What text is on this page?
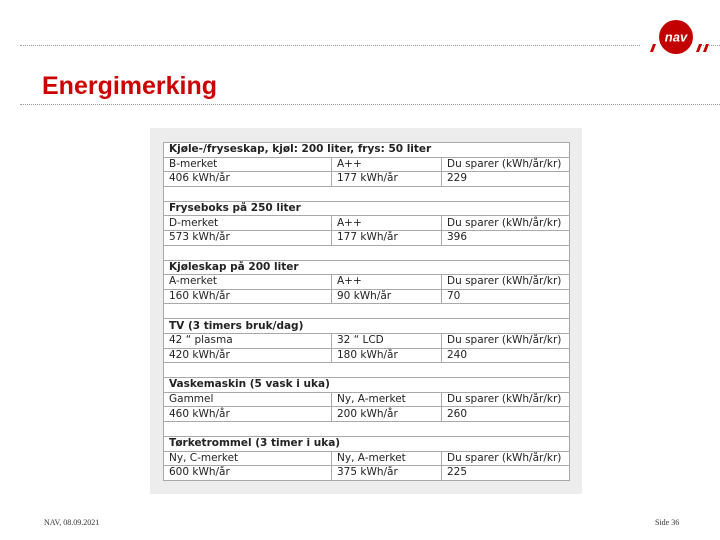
nav
Energimerking
Kjøle-/fryseskap, kjøl: 200 liter, frys: 50 liter		
B-merket	A++	Du sparer (kWh/år/kr)
406 kWh/år	177 kWh/år	229

Fryseboks på 250 liter		
D-merket	A++	Du sparer (kWh/år/kr)
573 kWh/år	177 kWh/år	396

Kjøleskap på 200 liter		
A-merket	A++	Du sparer (kWh/år/kr)
160 kWh/år	90 kWh/år	70

TV (3 timers bruk/dag)		
42 “ plasma	32 “ LCD	Du sparer (kWh/år/kr)
420 kWh/år	180 kWh/år	240

Vaskemaskin (5 vask i uka)		
Gammel	Ny, A-merket	Du sparer (kWh/år/kr)
460 kWh/år	200 kWh/år	260

Tørketrommel (3 timer i uka)		
Ny, C-merket	Ny, A-merket	Du sparer (kWh/år/kr)
600 kWh/år	375 kWh/år	225
NAV, 08.09.2021	Side 36
